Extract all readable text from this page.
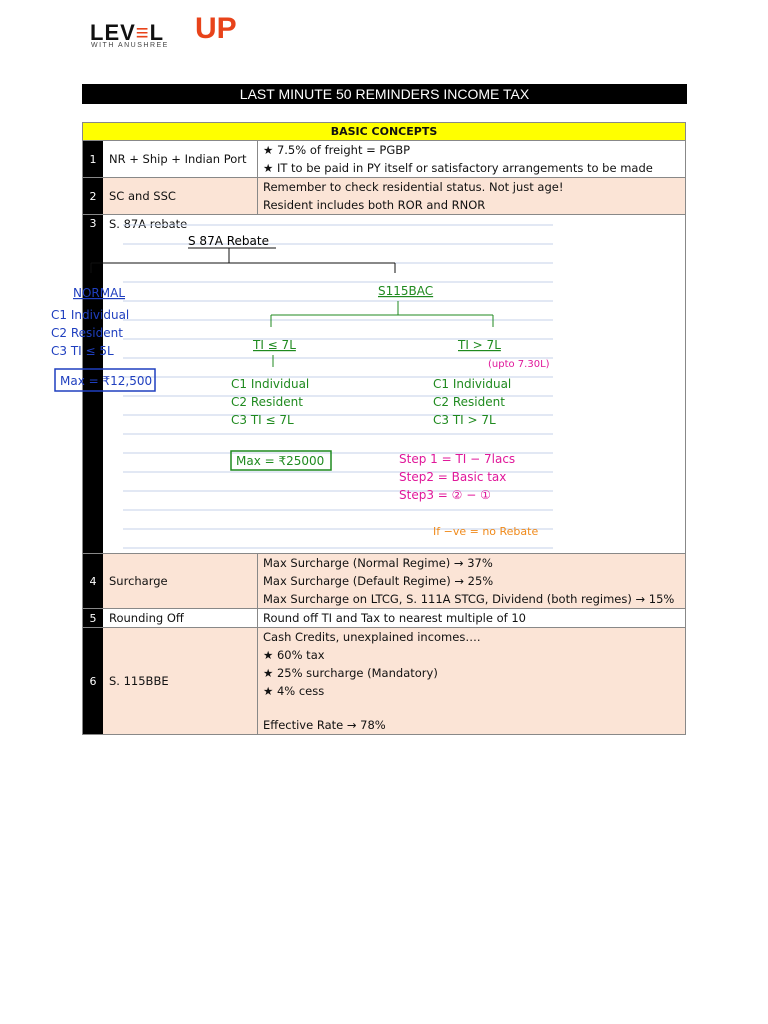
LEV≡L UP
WITH ANUSHREE
LAST MINUTE 50 REMINDERS INCOME TAX
BASIC CONCEPTS
1	NR + Ship + Indian Port
★ 7.5% of freight = PGBP
★ IT to be paid in PY itself or satisfactory arrangements to be made
2	SC and SSC
Remember to check residential status. Not just age!
Resident includes both ROR and RNOR
3	S. 87A rebate
S 87A Rebate
NORMAL
C1 Individual
C2 Resident
C3 TI ≤ 5L
Max = ₹12,500
S115BAC
TI ≤ 7L
C1 Individual
C2 Resident
C3 TI ≤ 7L
Max = ₹25000
TI > 7L
(upto 7.30L)
C1 Individual
C2 Resident
C3 TI > 7L
Step 1 = TI − 7lacs
Step2 = Basic tax
Step3 = ② − ①
If −ve = no Rebate
4	Surcharge
Max Surcharge (Normal Regime) → 37%
Max Surcharge (Default Regime) → 25%
Max Surcharge on LTCG, S. 111A STCG, Dividend (both regimes) → 15%
5	Rounding Off	Round off TI and Tax to nearest multiple of 10
6	S. 115BBE
Cash Credits, unexplained incomes….
★ 60% tax
★ 25% surcharge (Mandatory)
★ 4% cess
Effective Rate → 78%
